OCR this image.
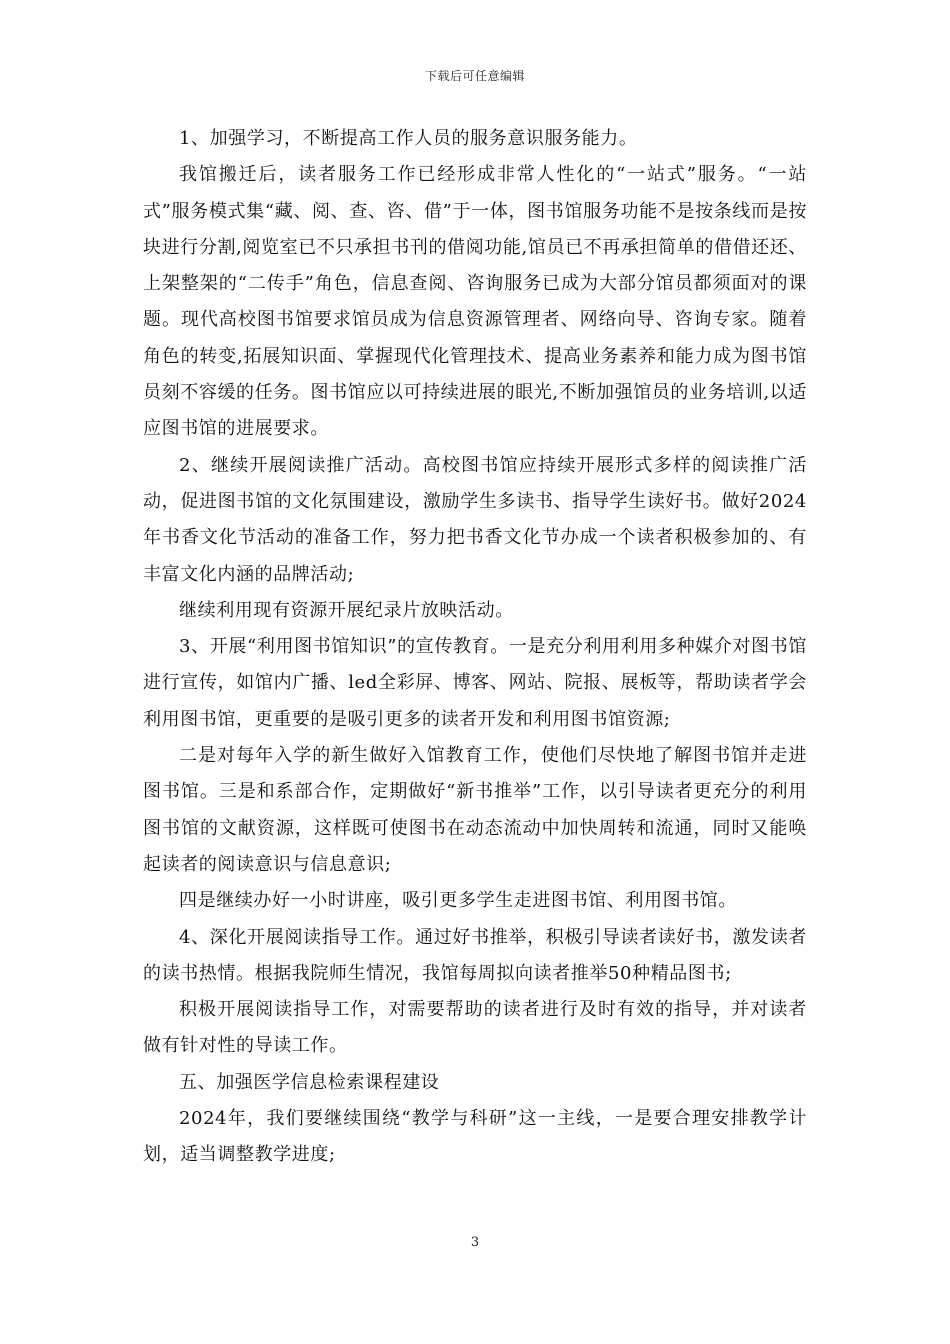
下载后可任意编辑

1、加强学习，不断提高工作人员的服务意识服务能力。

我馆搬迁后，读者服务工作已经形成非常人性化的“一站式”服务。“一站式”服务模式集“藏、阅、查、咨、借”于一体，图书馆服务功能不是按条线而是按块进行分割,阅览室已不只承担书刊的借阅功能,馆员已不再承担简单的借借还还、上架整架的“二传手”角色，信息查阅、咨询服务已成为大部分馆员都须面对的课题。现代高校图书馆要求馆员成为信息资源管理者、网络向导、咨询专家。随着角色的转变,拓展知识面、掌握现代化管理技术、提高业务素养和能力成为图书馆员刻不容缓的任务。图书馆应以可持续进展的眼光,不断加强馆员的业务培训,以适应图书馆的进展要求。

2、继续开展阅读推广活动。高校图书馆应持续开展形式多样的阅读推广活动，促进图书馆的文化氛围建设，激励学生多读书、指导学生读好书。做好2024年书香文化节活动的准备工作，努力把书香文化节办成一个读者积极参加的、有丰富文化内涵的品牌活动;

继续利用现有资源开展纪录片放映活动。

3、开展“利用图书馆知识”的宣传教育。一是充分利用利用多种媒介对图书馆进行宣传，如馆内广播、led全彩屏、博客、网站、院报、展板等，帮助读者学会利用图书馆，更重要的是吸引更多的读者开发和利用图书馆资源;

二是对每年入学的新生做好入馆教育工作，使他们尽快地了解图书馆并走进图书馆。三是和系部合作，定期做好“新书推举”工作，以引导读者更充分的利用图书馆的文献资源，这样既可使图书在动态流动中加快周转和流通，同时又能唤起读者的阅读意识与信息意识;

四是继续办好一小时讲座，吸引更多学生走进图书馆、利用图书馆。

4、深化开展阅读指导工作。通过好书推举，积极引导读者读好书，激发读者的读书热情。根据我院师生情况，我馆每周拟向读者推举50种精品图书;

积极开展阅读指导工作，对需要帮助的读者进行及时有效的指导，并对读者做有针对性的导读工作。

五、加强医学信息检索课程建设

2024年，我们要继续围绕“教学与科研”这一主线，一是要合理安排教学计划，适当调整教学进度;

3
